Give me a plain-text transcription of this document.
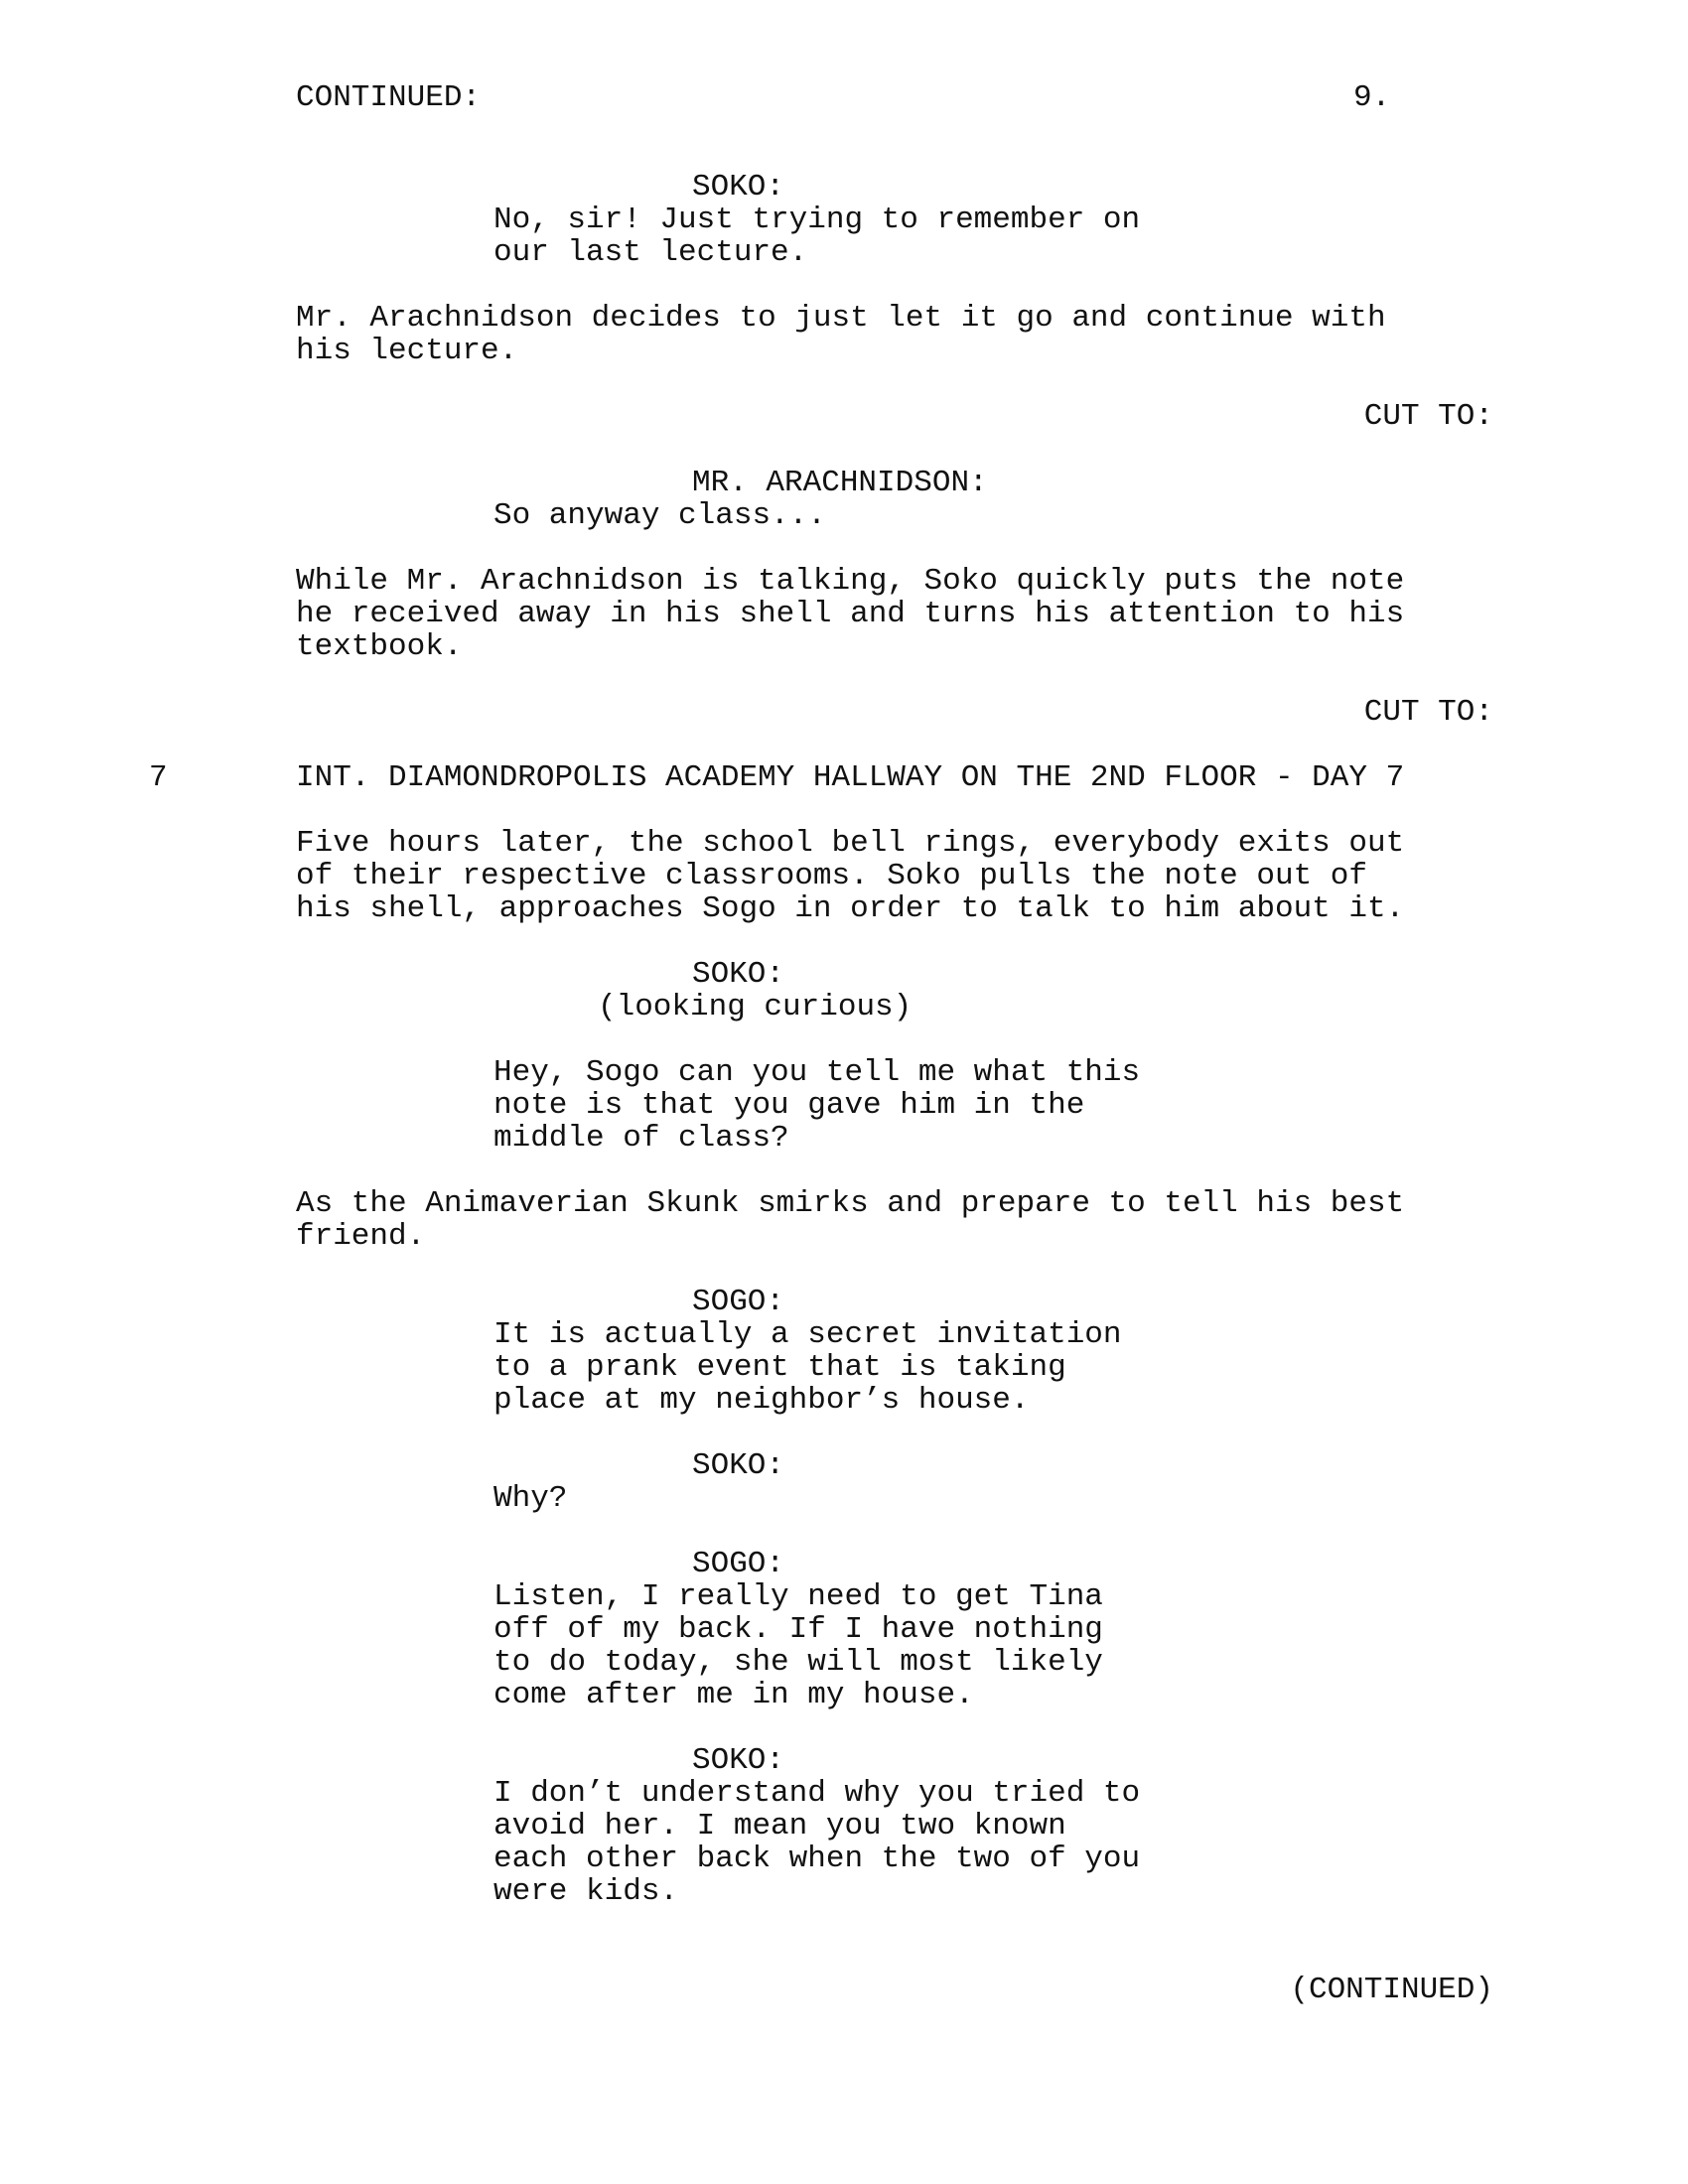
CONTINUED:	9.
SOKO:
No, sir! Just trying to remember on
our last lecture.
Mr. Arachnidson decides to just let it go and continue with
his lecture.
CUT TO:
MR. ARACHNIDSON:
So anyway class...
While Mr. Arachnidson is talking, Soko quickly puts the note
he received away in his shell and turns his attention to his
textbook.
CUT TO:
7	INT. DIAMONDROPOLIS ACADEMY HALLWAY ON THE 2ND FLOOR - DAY 7
Five hours later, the school bell rings, everybody exits out
of their respective classrooms. Soko pulls the note out of
his shell, approaches Sogo in order to talk to him about it.
SOKO:
(looking curious)
Hey, Sogo can you tell me what this
note is that you gave him in the
middle of class?
As the Animaverian Skunk smirks and prepare to tell his best
friend.
SOGO:
It is actually a secret invitation
to a prank event that is taking
place at my neighbor’s house.
SOKO:
Why?
SOGO:
Listen, I really need to get Tina
off of my back. If I have nothing
to do today, she will most likely
come after me in my house.
SOKO:
I don’t understand why you tried to
avoid her. I mean you two known
each other back when the two of you
were kids.
(CONTINUED)
